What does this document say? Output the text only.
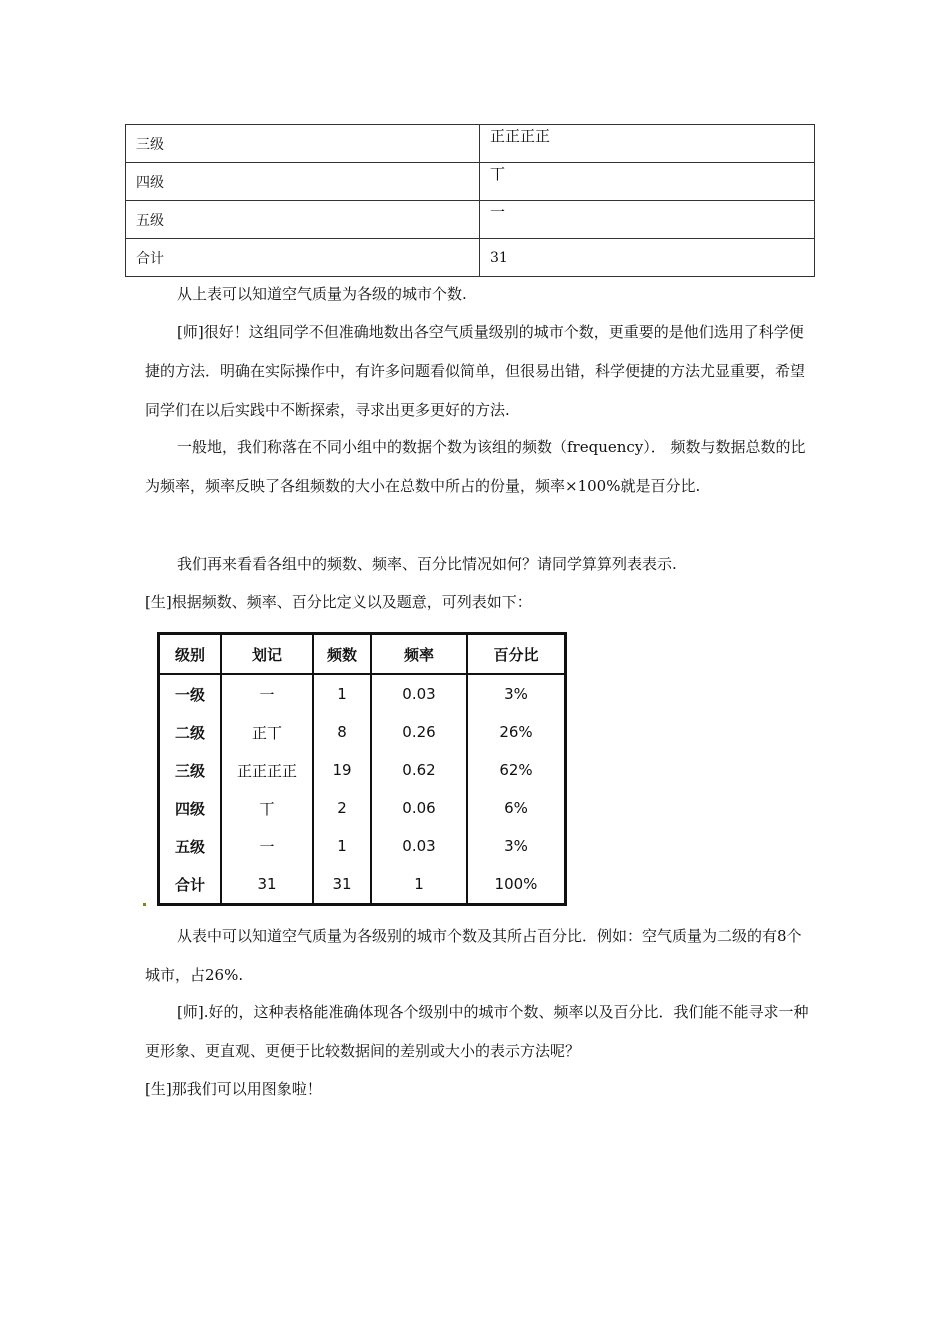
三级	正正正正
四级	丅
五级	一
合计	31

从上表可以知道空气质量为各级的城市个数.

[师]很好！这组同学不但准确地数出各空气质量级别的城市个数，更重要的是他们选用了科学便捷的方法．明确在实际操作中，有许多问题看似简单，但很易出错，科学便捷的方法尤显重要，希望同学们在以后实践中不断探索，寻求出更多更好的方法.

一般地，我们称落在不同小组中的数据个数为该组的频数（frequency）． 频数与数据总数的比为频率，频率反映了各组频数的大小在总数中所占的份量，频率×100%就是百分比.

我们再来看看各组中的频数、频率、百分比情况如何？请同学算算列表表示.

[生]根据频数、频率、百分比定义以及题意，可列表如下：

级别	划记	频数	频率	百分比
一级	一	1	0.03	3%
二级	正丅	8	0.26	26%
三级	正正正正	19	0.62	62%
四级	丅	2	0.06	6%
五级	一	1	0.03	3%
合计	31	31	1	100%

从表中可以知道空气质量为各级别的城市个数及其所占百分比．例如：空气质量为二级的有8个城市，占26%.

[师].好的，这种表格能准确体现各个级别中的城市个数、频率以及百分比．我们能不能寻求一种更形象、更直观、更便于比较数据间的差别或大小的表示方法呢？

[生]那我们可以用图象啦！
